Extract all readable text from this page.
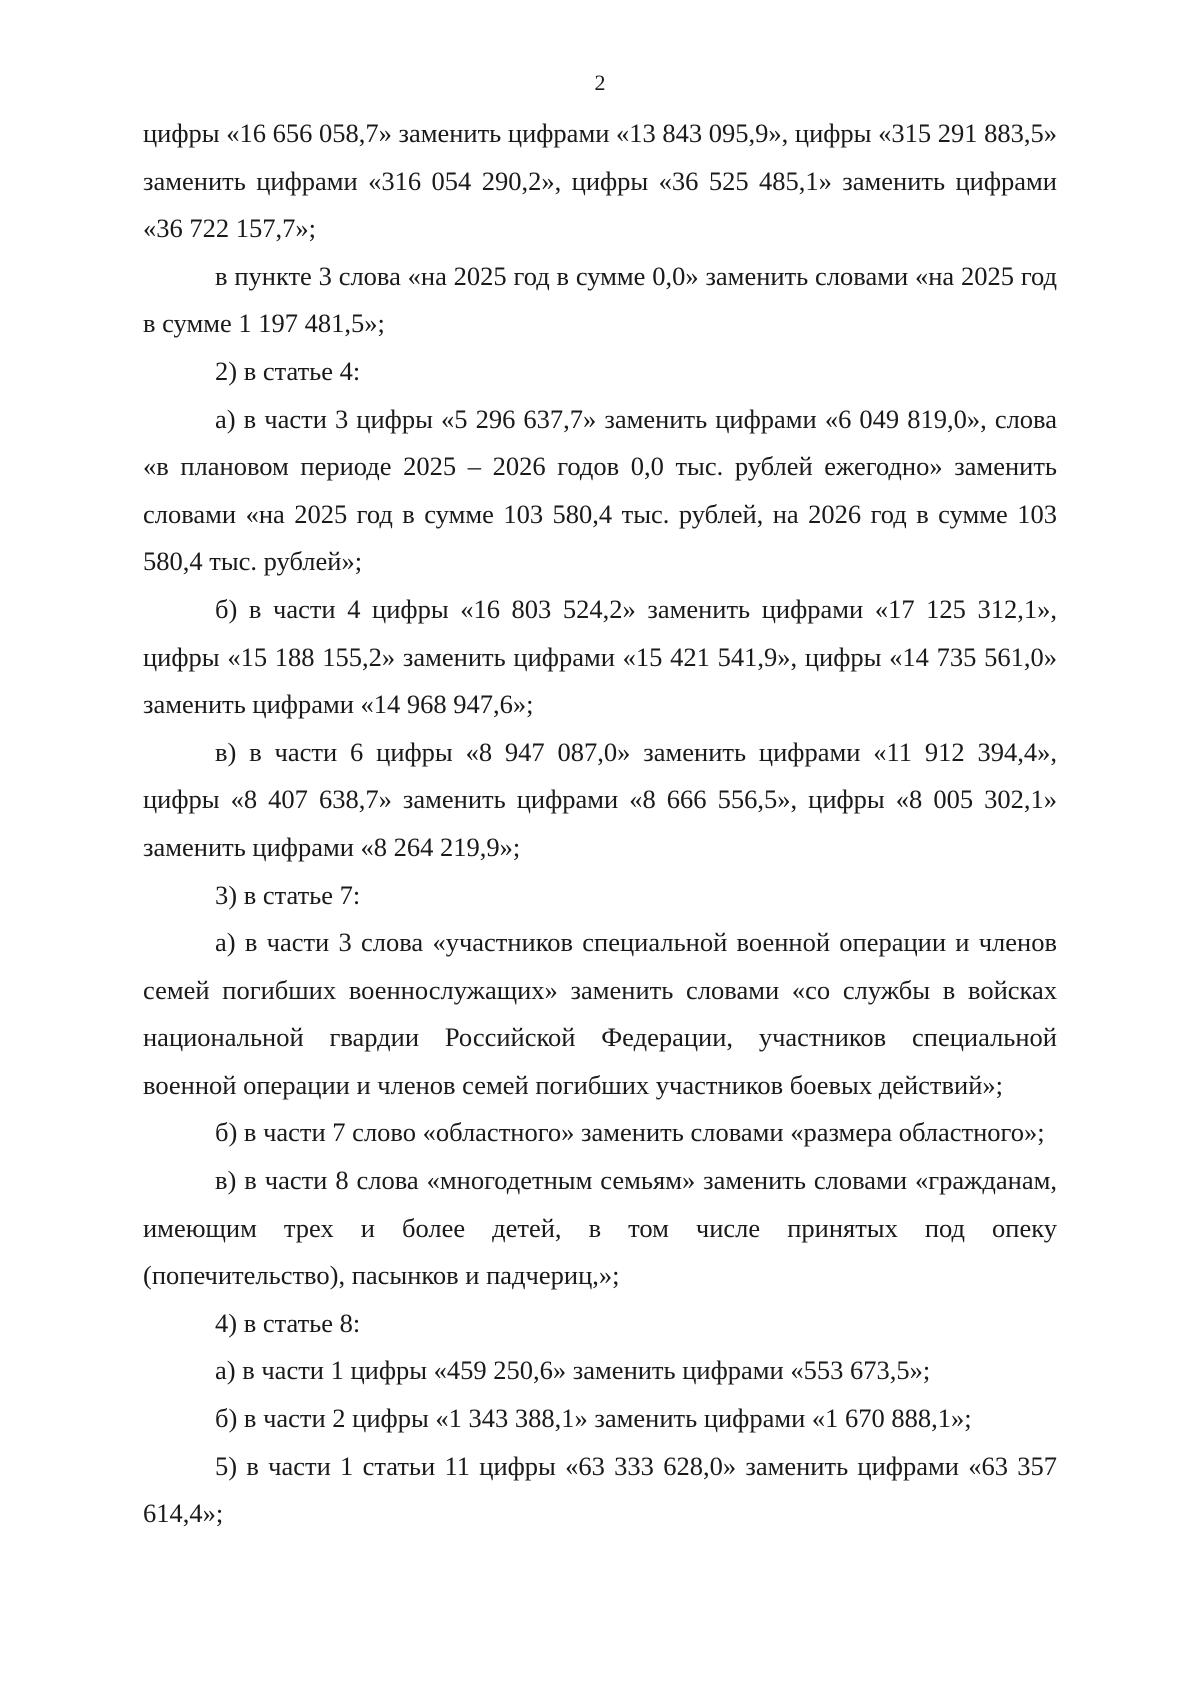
2

цифры «16 656 058,7» заменить цифрами «13 843 095,9», цифры «315 291 883,5» заменить цифрами «316 054 290,2», цифры «36 525 485,1» заменить цифрами «36 722 157,7»;

в пункте 3 слова «на 2025 год в сумме 0,0» заменить словами «на 2025 год в сумме 1 197 481,5»;

2) в статье 4:

а) в части 3 цифры «5 296 637,7» заменить цифрами «6 049 819,0», слова «в плановом периоде 2025 – 2026 годов 0,0 тыс. рублей ежегодно» заменить словами «на 2025 год в сумме 103 580,4 тыс. рублей, на 2026 год в сумме 103 580,4 тыс. рублей»;

б) в части 4 цифры «16 803 524,2» заменить цифрами «17 125 312,1», цифры «15 188 155,2» заменить цифрами «15 421 541,9», цифры «14 735 561,0» заменить цифрами «14 968 947,6»;

в) в части 6 цифры «8 947 087,0» заменить цифрами «11 912 394,4», цифры «8 407 638,7» заменить цифрами «8 666 556,5», цифры «8 005 302,1» заменить цифрами «8 264 219,9»;

3) в статье 7:

а) в части 3 слова «участников специальной военной операции и членов семей погибших военнослужащих» заменить словами «со службы в войсках национальной гвардии Российской Федерации, участников специальной военной операции и членов семей погибших участников боевых действий»;

б) в части 7 слово «областного» заменить словами «размера областного»;

в) в части 8 слова «многодетным семьям» заменить словами «гражданам, имеющим трех и более детей, в том числе принятых под опеку (попечительство), пасынков и падчериц,»;

4) в статье 8:

а) в части 1 цифры «459 250,6» заменить цифрами «553 673,5»;

б) в части 2 цифры «1 343 388,1» заменить цифрами «1 670 888,1»;

5) в части 1 статьи 11 цифры «63 333 628,0» заменить цифрами «63 357 614,4»;
